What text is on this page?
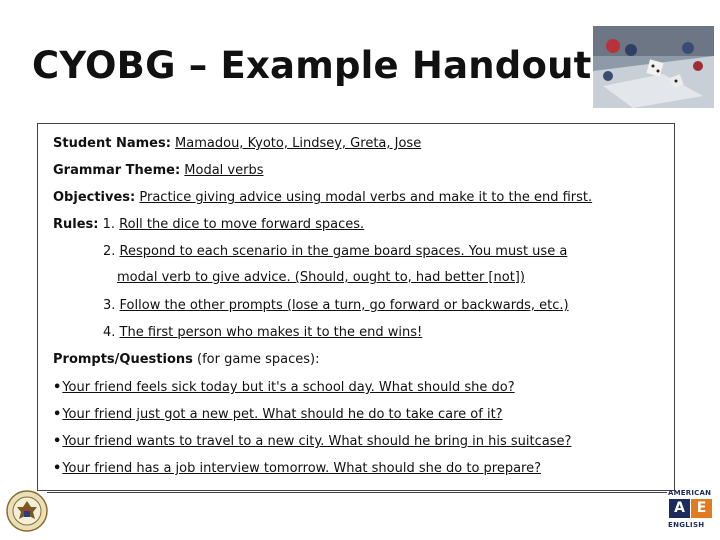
CYOBG – Example Handout
Student Names: Mamadou, Kyoto, Lindsey, Greta, Jose
Grammar Theme: Modal verbs
Objectives: Practice giving advice using modal verbs and make it to the end first.
Rules: 1. Roll the dice to move forward spaces.
2. Respond to each scenario in the game board spaces. You must use a
modal verb to give advice. (Should, ought to, had better [not])
3. Follow the other prompts (lose a turn, go forward or backwards, etc.)
4. The first person who makes it to the end wins!
Prompts/Questions (for game spaces):
•Your friend feels sick today but it's a school day. What should she do?
•Your friend just got a new pet. What should he do to take care of it?
•Your friend wants to travel to a new city. What should he bring in his suitcase?
•Your friend has a job interview tomorrow. What should she do to prepare?
AMERICAN
A E
ENGLISH
